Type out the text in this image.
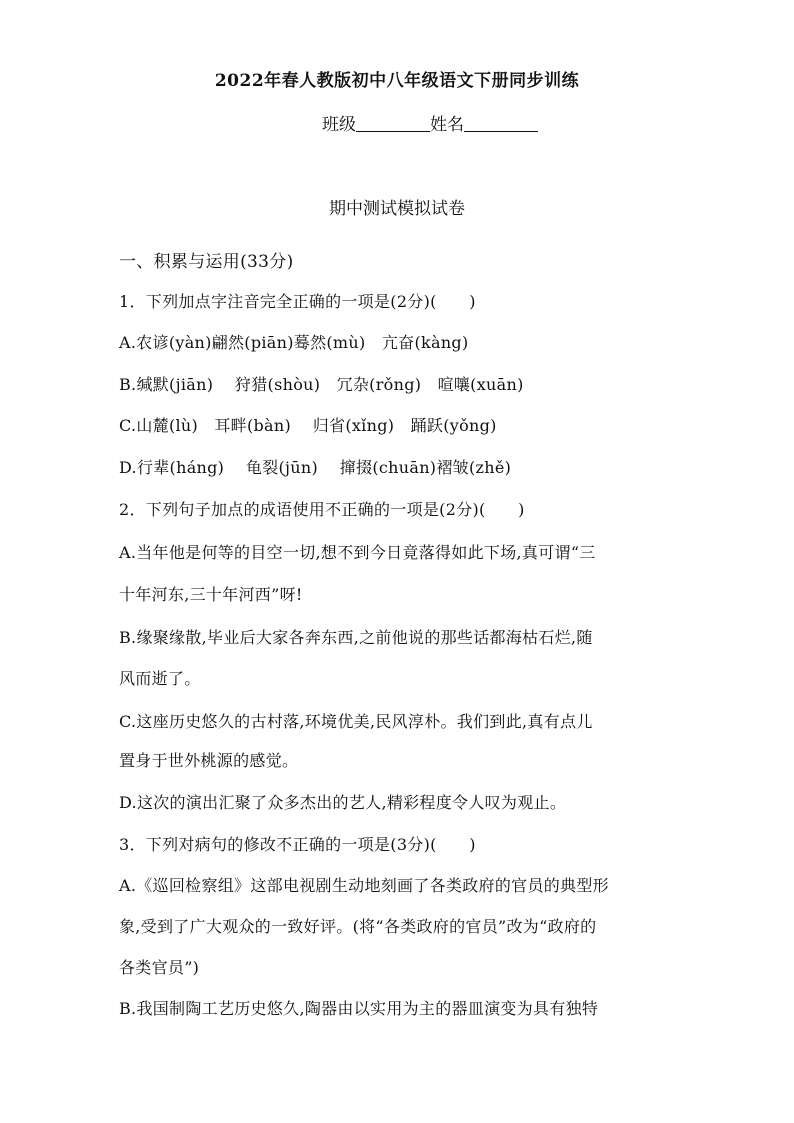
2022年春人教版初中八年级语文下册同步训练
班级	姓名
期中测试模拟试卷
一、积累与运用(33分)
1．下列加点字注音完全正确的一项是(2分)(　　)
A.农谚(yàn)翩然(piān)蓦然(mù)　亢奋(kàng)
B.缄默(jiān)　 狩猎(shòu)　冗杂(rǒng)　喧嚷(xuān)
C.山麓(lù)　耳畔(bàn)　 归省(xǐng)　踊跃(yǒng)
D.行辈(háng)　 龟裂(jūn)　 撺掇(chuān)褶皱(zhě)
2．下列句子加点的成语使用不正确的一项是(2分)(　　)
A.当年他是何等的目空一切,想不到今日竟落得如此下场,真可谓“三
十年河东,三十年河西”呀!
B.缘聚缘散,毕业后大家各奔东西,之前他说的那些话都海枯石烂,随
风而逝了。
C.这座历史悠久的古村落,环境优美,民风淳朴。我们到此,真有点儿
置身于世外桃源的感觉。
D.这次的演出汇聚了众多杰出的艺人,精彩程度令人叹为观止。
3．下列对病句的修改不正确的一项是(3分)(　　)
A.《巡回检察组》这部电视剧生动地刻画了各类政府的官员的典型形
象,受到了广大观众的一致好评。(将“各类政府的官员”改为“政府的
各类官员”)
B.我国制陶工艺历史悠久,陶器由以实用为主的器皿演变为具有独特
